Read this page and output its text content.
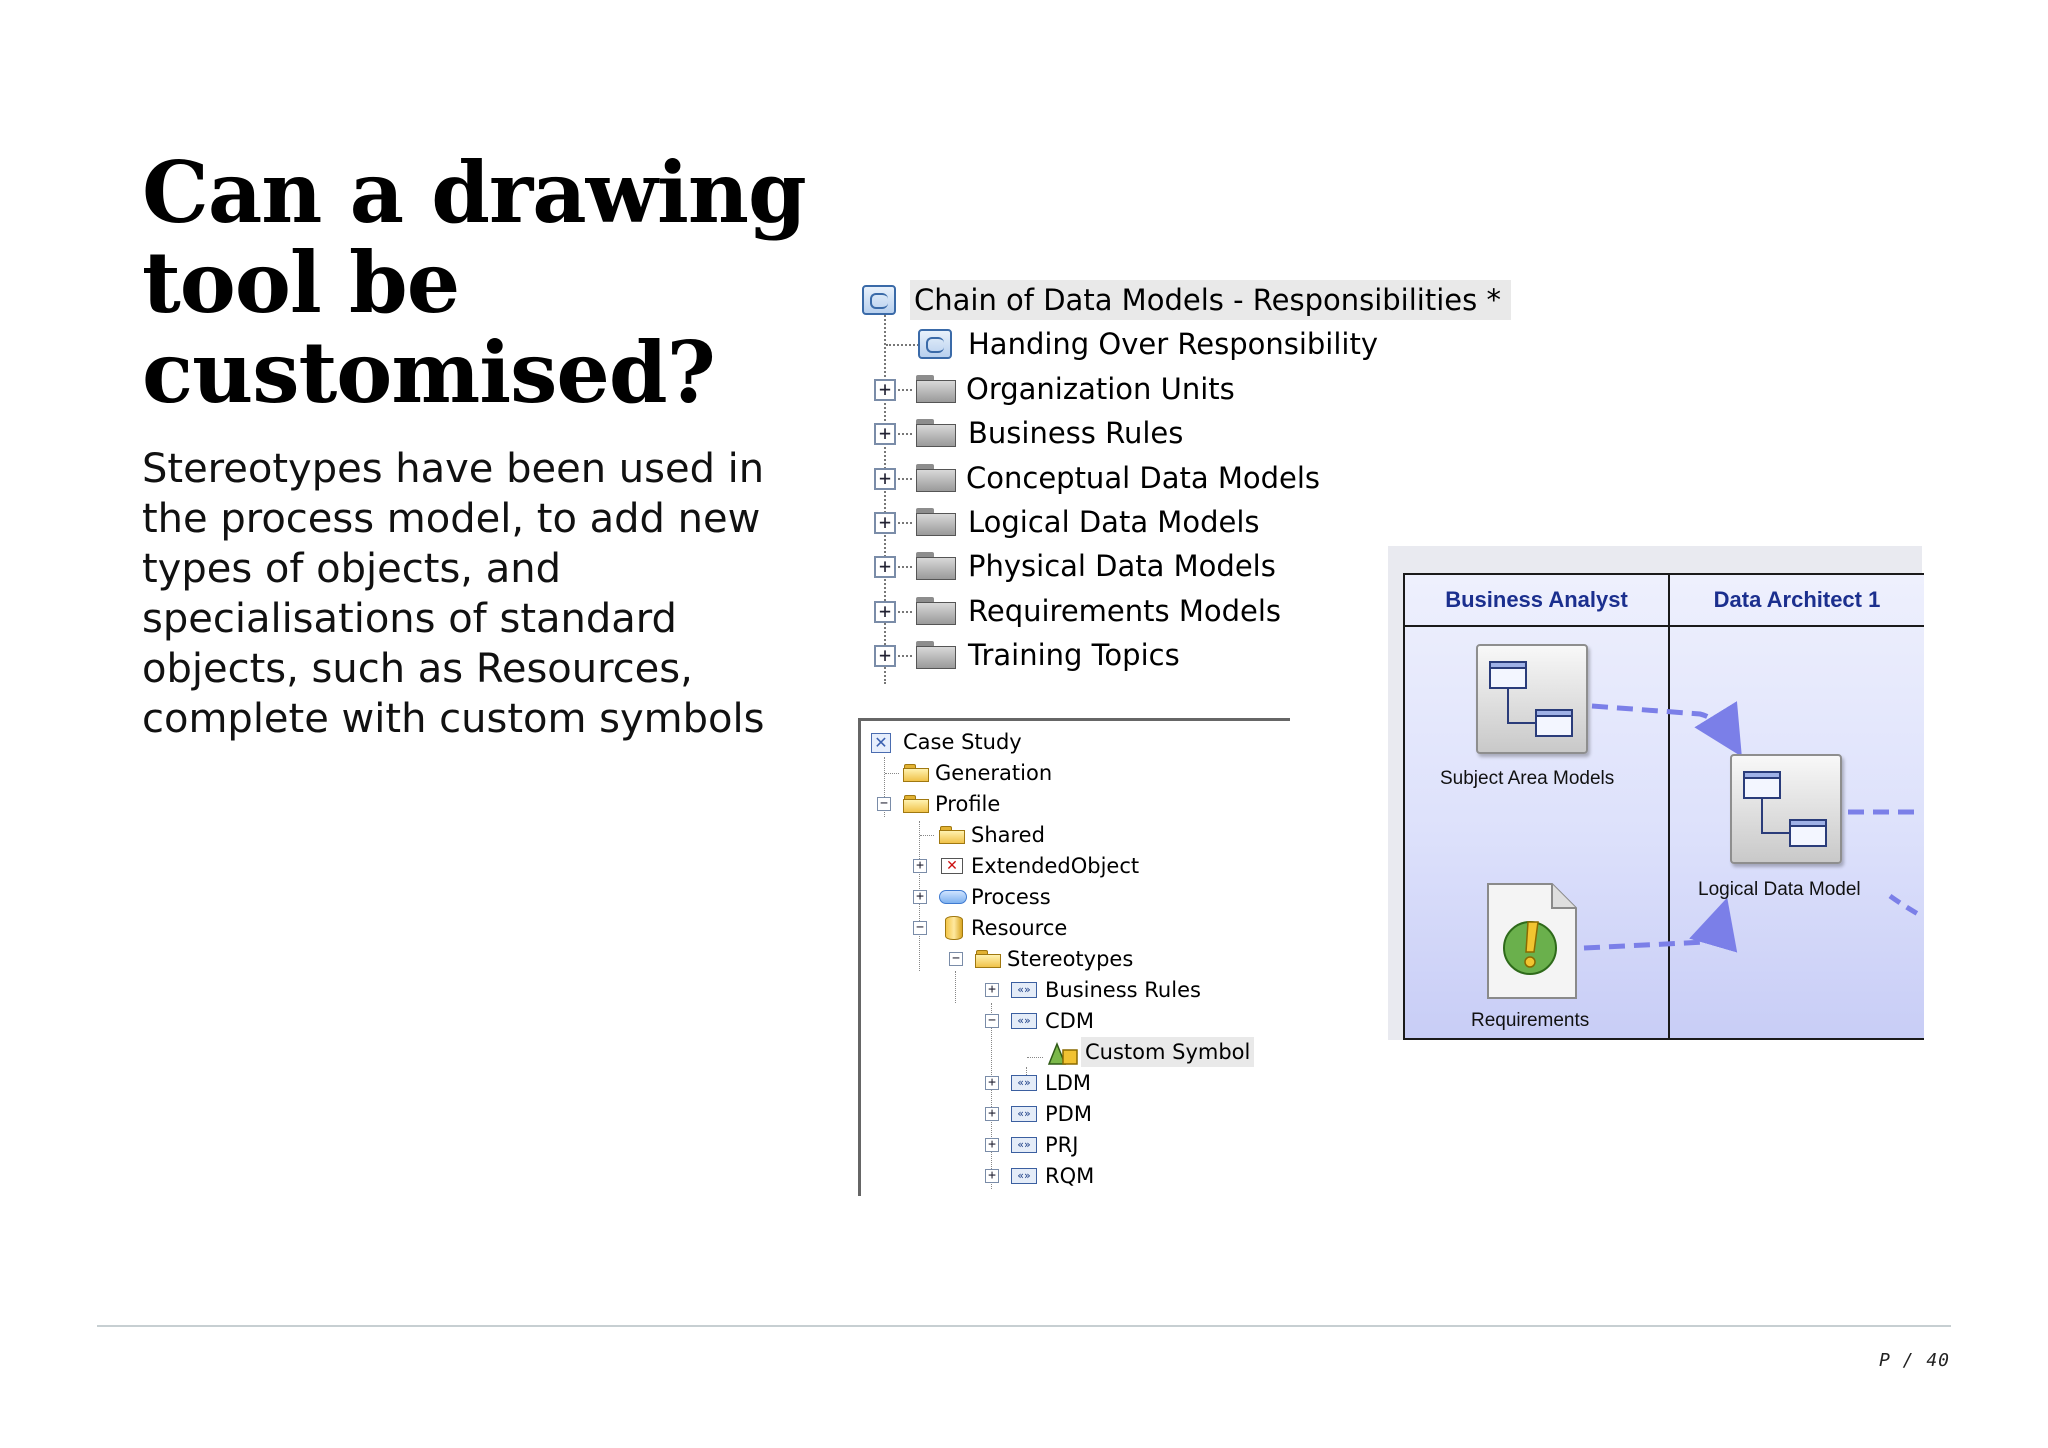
Can a drawing
tool be
customised?
Stereotypes have been used in
the process model, to add new
types of objects, and
specialisations of standard
objects, such as Resources,
complete with custom symbols
Chain of Data Models - Responsibilities *
Handing Over Responsibility
+	Organization Units
+	Business Rules
+	Conceptual Data Models
+	Logical Data Models
+	Physical Data Models
+	Requirements Models
+	Training Topics
✕ Case Study
Generation
− Profile
Shared
+	✕ ExtendedObject
+ Process
− Resource
− Stereotypes
+	«» Business Rules
−	«» CDM
Custom Symbol
+	«» LDM
+	«» PDM
+	«» PRJ
+	«» RQM
Business Analyst	Data Architect 1
Subject Area Models
Logical Data Model
Requirements
P / 40
